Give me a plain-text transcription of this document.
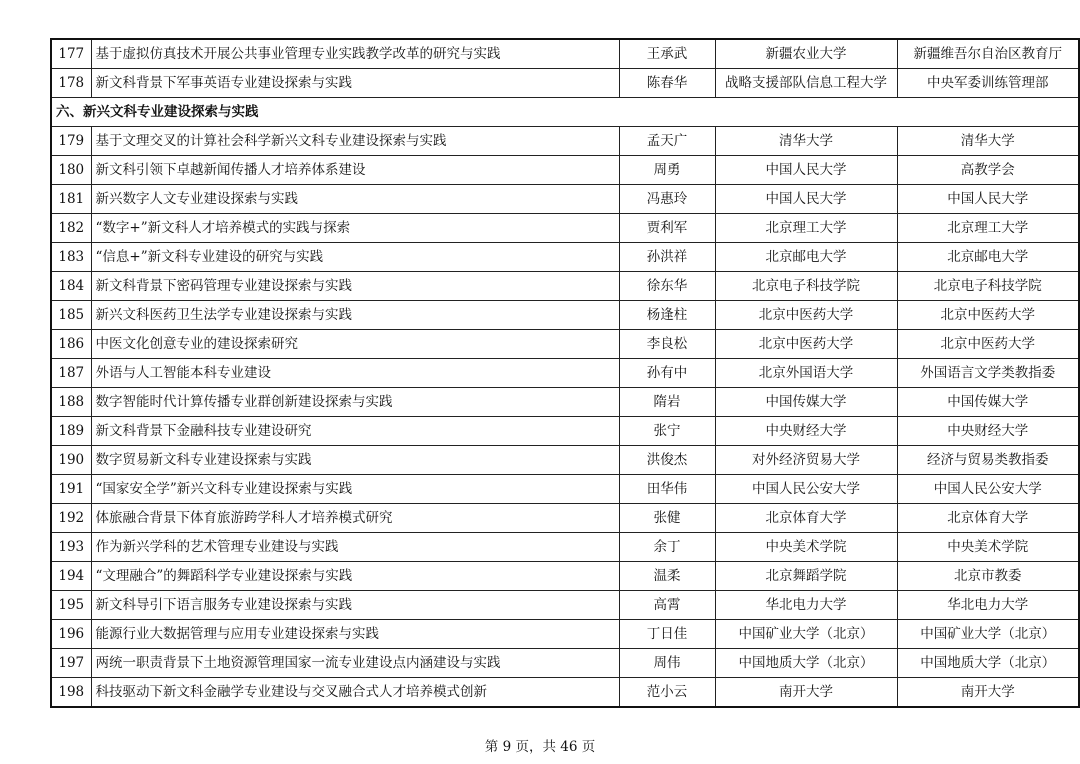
177	基于虚拟仿真技术开展公共事业管理专业实践教学改革的研究与实践	王承武	新疆农业大学	新疆维吾尔自治区教育厅
178	新文科背景下军事英语专业建设探索与实践	陈春华	战略支援部队信息工程大学	中央军委训练管理部
六、新兴文科专业建设探索与实践				
179	基于文理交叉的计算社会科学新兴文科专业建设探索与实践	孟天广	清华大学	清华大学
180	新文科引领下卓越新闻传播人才培养体系建设	周勇	中国人民大学	高教学会
181	新兴数字人文专业建设探索与实践	冯惠玲	中国人民大学	中国人民大学
182	“数字+”新文科人才培养模式的实践与探索	贾利军	北京理工大学	北京理工大学
183	“信息+”新文科专业建设的研究与实践	孙洪祥	北京邮电大学	北京邮电大学
184	新文科背景下密码管理专业建设探索与实践	徐东华	北京电子科技学院	北京电子科技学院
185	新兴文科医药卫生法学专业建设探索与实践	杨逢柱	北京中医药大学	北京中医药大学
186	中医文化创意专业的建设探索研究	李良松	北京中医药大学	北京中医药大学
187	外语与人工智能本科专业建设	孙有中	北京外国语大学	外国语言文学类教指委
188	数字智能时代计算传播专业群创新建设探索与实践	隋岩	中国传媒大学	中国传媒大学
189	新文科背景下金融科技专业建设研究	张宁	中央财经大学	中央财经大学
190	数字贸易新文科专业建设探索与实践	洪俊杰	对外经济贸易大学	经济与贸易类教指委
191	“国家安全学”新兴文科专业建设探索与实践	田华伟	中国人民公安大学	中国人民公安大学
192	体旅融合背景下体育旅游跨学科人才培养模式研究	张健	北京体育大学	北京体育大学
193	作为新兴学科的艺术管理专业建设与实践	余丁	中央美术学院	中央美术学院
194	“文理融合”的舞蹈科学专业建设探索与实践	温柔	北京舞蹈学院	北京市教委
195	新文科导引下语言服务专业建设探索与实践	高霄	华北电力大学	华北电力大学
196	能源行业大数据管理与应用专业建设探索与实践	丁日佳	中国矿业大学（北京）	中国矿业大学（北京）
197	两统一职责背景下土地资源管理国家一流专业建设点内涵建设与实践	周伟	中国地质大学（北京）	中国地质大学（北京）
198	科技驱动下新文科金融学专业建设与交叉融合式人才培养模式创新	范小云	南开大学	南开大学
第 9 页，共 46 页
